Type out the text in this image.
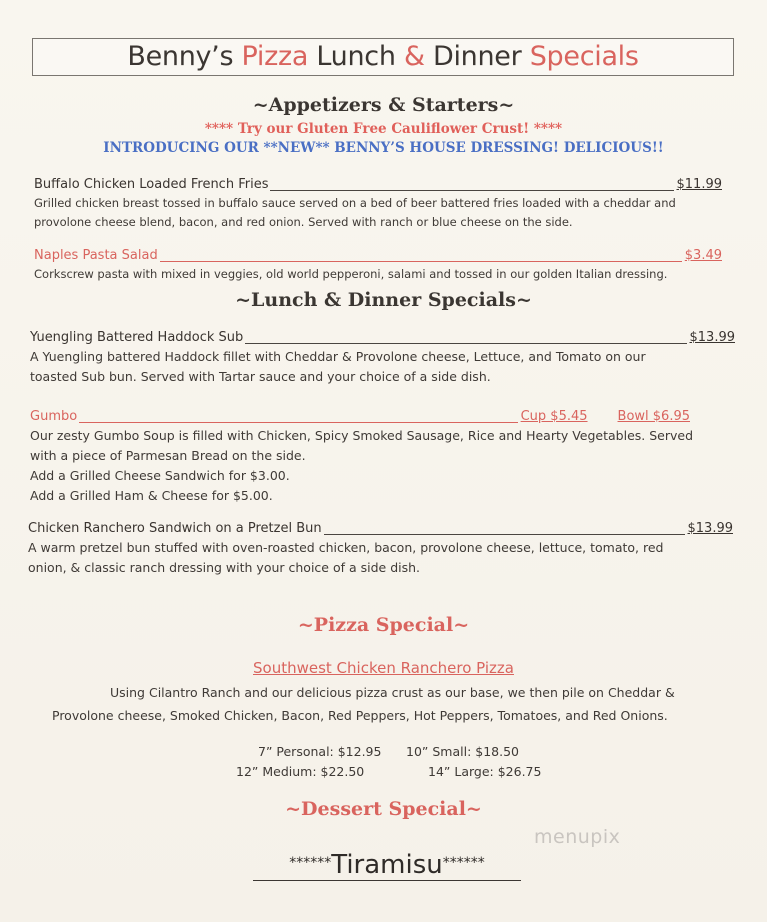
Benny’s Pizza Lunch & Dinner Specials
~Appetizers & Starters~
**** Try our Gluten Free Cauliflower Crust! ****
INTRODUCING OUR **NEW** BENNY’S HOUSE DRESSING! DELICIOUS!!
Buffalo Chicken Loaded French Fries	$11.99
Grilled chicken breast tossed in buffalo sauce served on a bed of beer battered fries loaded with a cheddar and
provolone cheese blend, bacon, and red onion. Served with ranch or blue cheese on the side.
Naples Pasta Salad	$3.49
Corkscrew pasta with mixed in veggies, old world pepperoni, salami and tossed in our golden Italian dressing.
~Lunch & Dinner Specials~
Yuengling Battered Haddock Sub	$13.99
A Yuengling battered Haddock fillet with Cheddar & Provolone cheese, Lettuce, and Tomato on our
toasted Sub bun. Served with Tartar sauce and your choice of a side dish.
Gumbo	Cup $5.45 Bowl $6.95
Our zesty Gumbo Soup is filled with Chicken, Spicy Smoked Sausage, Rice and Hearty Vegetables. Served
with a piece of Parmesan Bread on the side.
Add a Grilled Cheese Sandwich for $3.00.
Add a Grilled Ham & Cheese for $5.00.
Chicken Ranchero Sandwich on a Pretzel Bun	$13.99
A warm pretzel bun stuffed with oven-roasted chicken, bacon, provolone cheese, lettuce, tomato, red
onion, & classic ranch dressing with your choice of a side dish.
~Pizza Special~
Southwest Chicken Ranchero Pizza
Using Cilantro Ranch and our delicious pizza crust as our base, we then pile on Cheddar &
Provolone cheese, Smoked Chicken, Bacon, Red Peppers, Hot Peppers, Tomatoes, and Red Onions.
7” Personal: $12.95 10” Small: $18.50
12” Medium: $22.50	14” Large: $26.75
~Dessert Special~
******Tiramisu******
menupix
